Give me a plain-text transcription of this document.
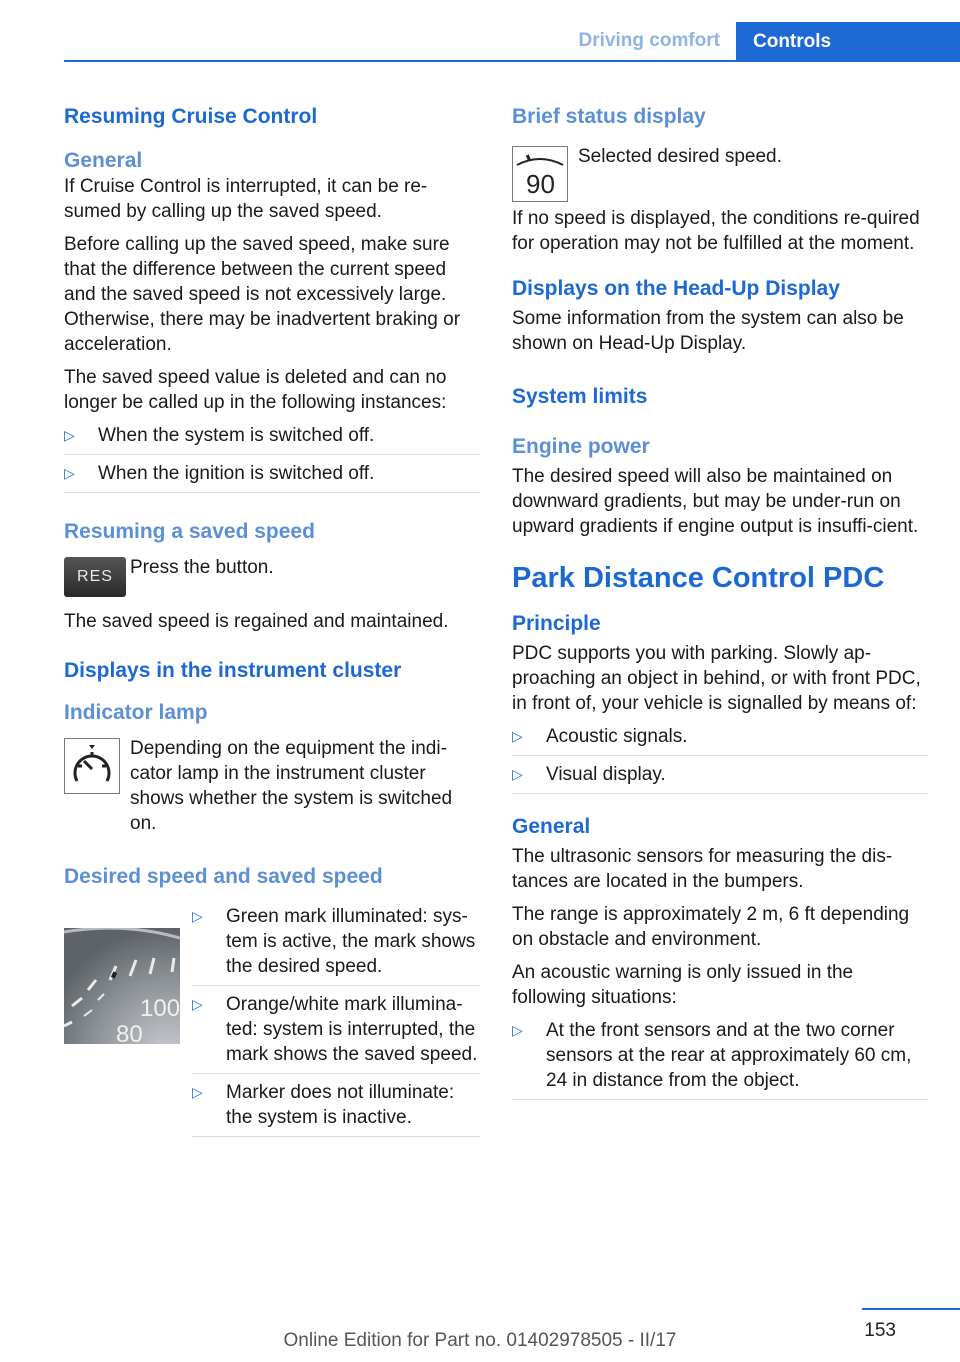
Driving comfort	Controls
Resuming Cruise Control
General

If Cruise Control is interrupted, it can be re‐sumed by calling up the saved speed.

Before calling up the saved speed, make sure that the difference between the current speed and the saved speed is not excessively large. Otherwise, there may be inadvertent braking or acceleration.

The saved speed value is deleted and can no longer be called up in the following instances:

▷ When the system is switched off.
▷ When the ignition is switched off.
Resuming a saved speed
RES Press the button.

The saved speed is regained and maintained.

Displays in the instrument cluster
Indicator lamp

Depending on the equipment the indi‐cator lamp in the instrument cluster shows whether the system is switched on.

Desired speed and saved speed
100
80
▷ Green mark illuminated: sys‐tem is active, the mark shows the desired speed.
▷ Orange/white mark illumina‐ted: system is interrupted, the mark shows the saved speed.
▷ Marker does not illuminate: the system is inactive.
Brief status display
90

Selected desired speed.

If no speed is displayed, the conditions re‐quired for operation may not be fulfilled at the moment.

Displays on the Head-Up Display

Some information from the system can also be shown on Head-Up Display.

System limits
Engine power

The desired speed will also be maintained on downward gradients, but may be under-run on upward gradients if engine output is insuffi‐cient.

Park Distance Control PDC
Principle

PDC supports you with parking. Slowly ap‐proaching an object in behind, or with front PDC, in front of, your vehicle is signalled by means of:

▷ Acoustic signals.
▷ Visual display.
General

The ultrasonic sensors for measuring the dis‐tances are located in the bumpers.

The range is approximately 2 m, 6 ft depending on obstacle and environment.

An acoustic warning is only issued in the following situations:

▷ At the front sensors and at the two corner sensors at the rear at approximately 60 cm, 24 in distance from the object.
153
Online Edition for Part no. 01402978505 - II/17
